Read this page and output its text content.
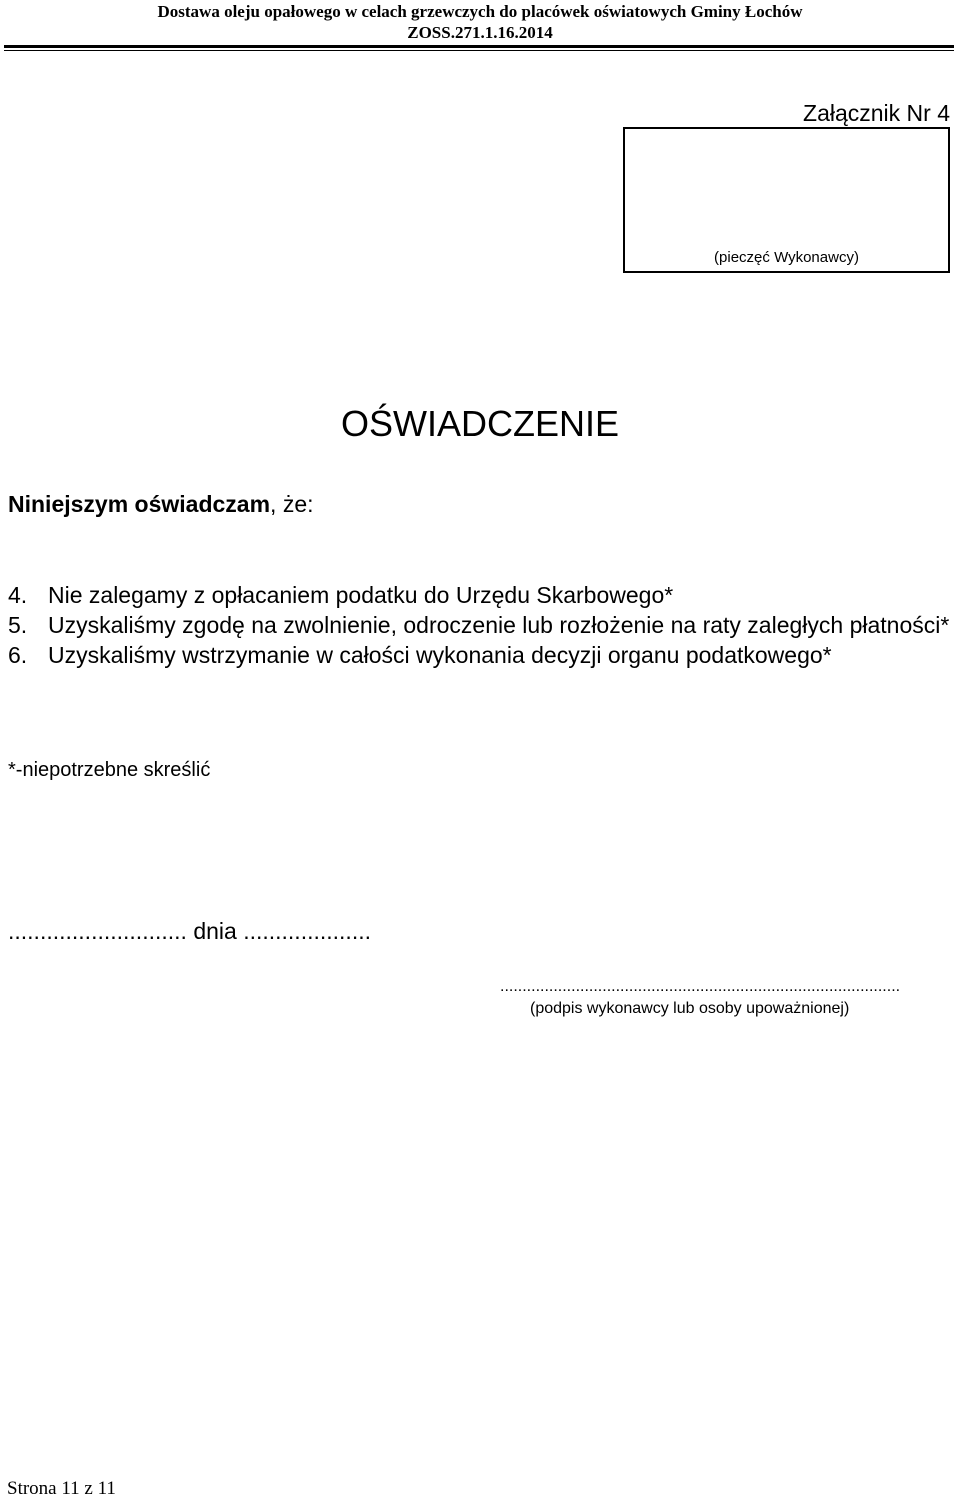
Dostawa oleju opałowego w celach grzewczych do placówek oświatowych Gminy Łochów
ZOSS.271.1.16.2014
Załącznik Nr 4
(pieczęć Wykonawcy)
OŚWIADCZENIE
Niniejszym oświadczam, że:
4. Nie zalegamy z opłacaniem podatku do Urzędu Skarbowego*
5. Uzyskaliśmy zgodę na zwolnienie, odroczenie lub rozłożenie na raty zaległych płatności*
6. Uzyskaliśmy wstrzymanie w całości wykonania decyzji organu podatkowego*
*-niepotrzebne skreślić
............................ dnia ....................
..........................................................................................
(podpis wykonawcy lub osoby upoważnionej)
Strona 11 z 11
